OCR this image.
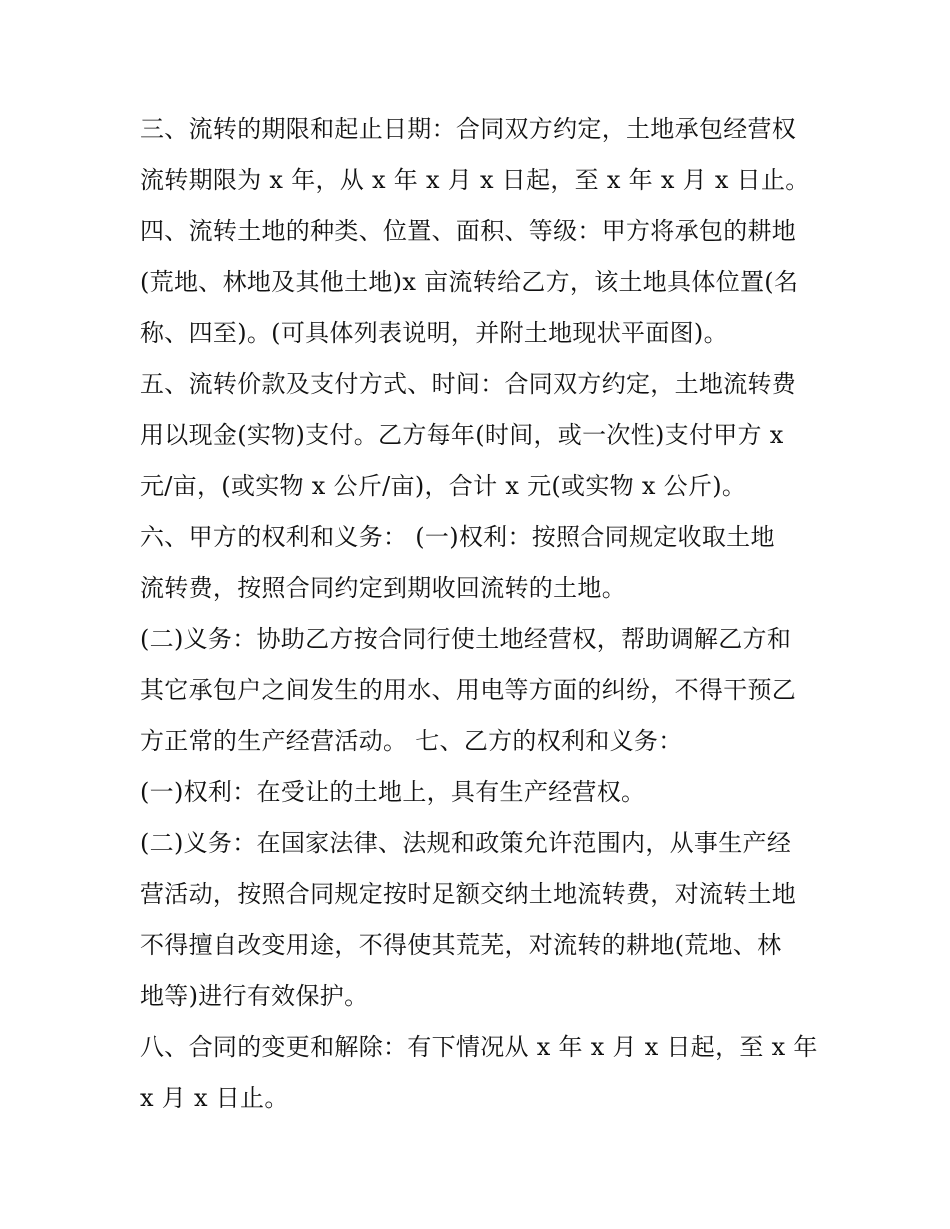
三、流转的期限和起止日期：合同双方约定，土地承包经营权
流转期限为 x 年，从 x 年 x 月 x 日起，至 x 年 x 月 x 日止。
四、流转土地的种类、位置、面积、等级：甲方将承包的耕地
(荒地、林地及其他土地)x 亩流转给乙方，该土地具体位置(名
称、四至)。(可具体列表说明，并附土地现状平面图)。
五、流转价款及支付方式、时间：合同双方约定，土地流转费
用以现金(实物)支付。乙方每年(时间，或一次性)支付甲方 x
元/亩，(或实物 x 公斤/亩)，合计 x 元(或实物 x 公斤)。
六、甲方的权利和义务： (一)权利：按照合同规定收取土地
流转费，按照合同约定到期收回流转的土地。
(二)义务：协助乙方按合同行使土地经营权，帮助调解乙方和
其它承包户之间发生的用水、用电等方面的纠纷，不得干预乙
方正常的生产经营活动。 七、乙方的权利和义务：
(一)权利：在受让的土地上，具有生产经营权。
(二)义务：在国家法律、法规和政策允许范围内，从事生产经
营活动，按照合同规定按时足额交纳土地流转费，对流转土地
不得擅自改变用途，不得使其荒芜，对流转的耕地(荒地、林
地等)进行有效保护。
八、合同的变更和解除：有下情况从 x 年 x 月 x 日起，至 x 年
x 月 x 日止。
